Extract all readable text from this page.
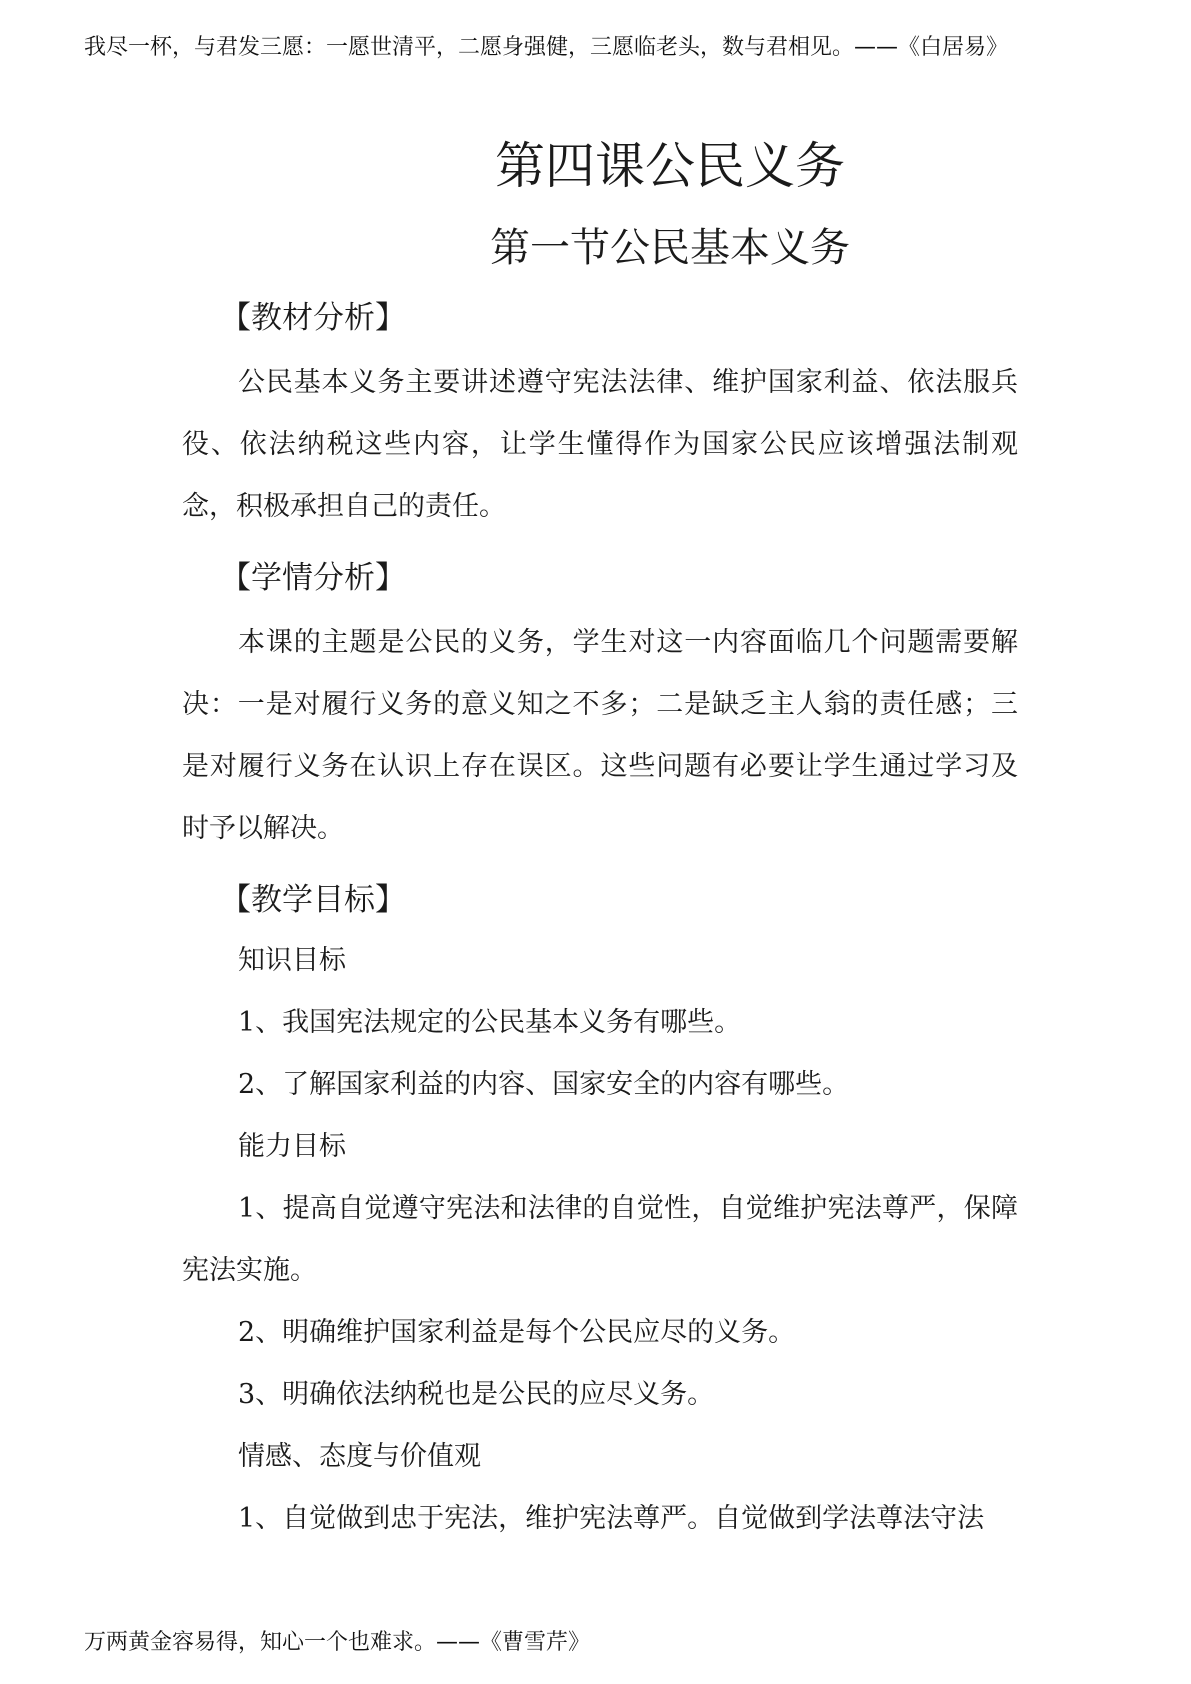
我尽一杯，与君发三愿：一愿世清平，二愿身强健，三愿临老头，数与君相见。——《白居易》
第四课公民义务
第一节公民基本义务
【教材分析】

公民基本义务主要讲述遵守宪法法律、维护国家利益、依法服兵役、依法纳税这些内容，让学生懂得作为国家公民应该增强法制观念，积极承担自己的责任。

【学情分析】

本课的主题是公民的义务，学生对这一内容面临几个问题需要解决：一是对履行义务的意义知之不多；二是缺乏主人翁的责任感；三是对履行义务在认识上存在误区。这些问题有必要让学生通过学习及时予以解决。

【教学目标】

知识目标

1、我国宪法规定的公民基本义务有哪些。

2、了解国家利益的内容、国家安全的内容有哪些。

能力目标

1、提高自觉遵守宪法和法律的自觉性，自觉维护宪法尊严，保障宪法实施。

2、明确维护国家利益是每个公民应尽的义务。

3、明确依法纳税也是公民的应尽义务。

情感、态度与价值观

1、自觉做到忠于宪法，维护宪法尊严。自觉做到学法尊法守法

万两黄金容易得，知心一个也难求。——《曹雪芹》
